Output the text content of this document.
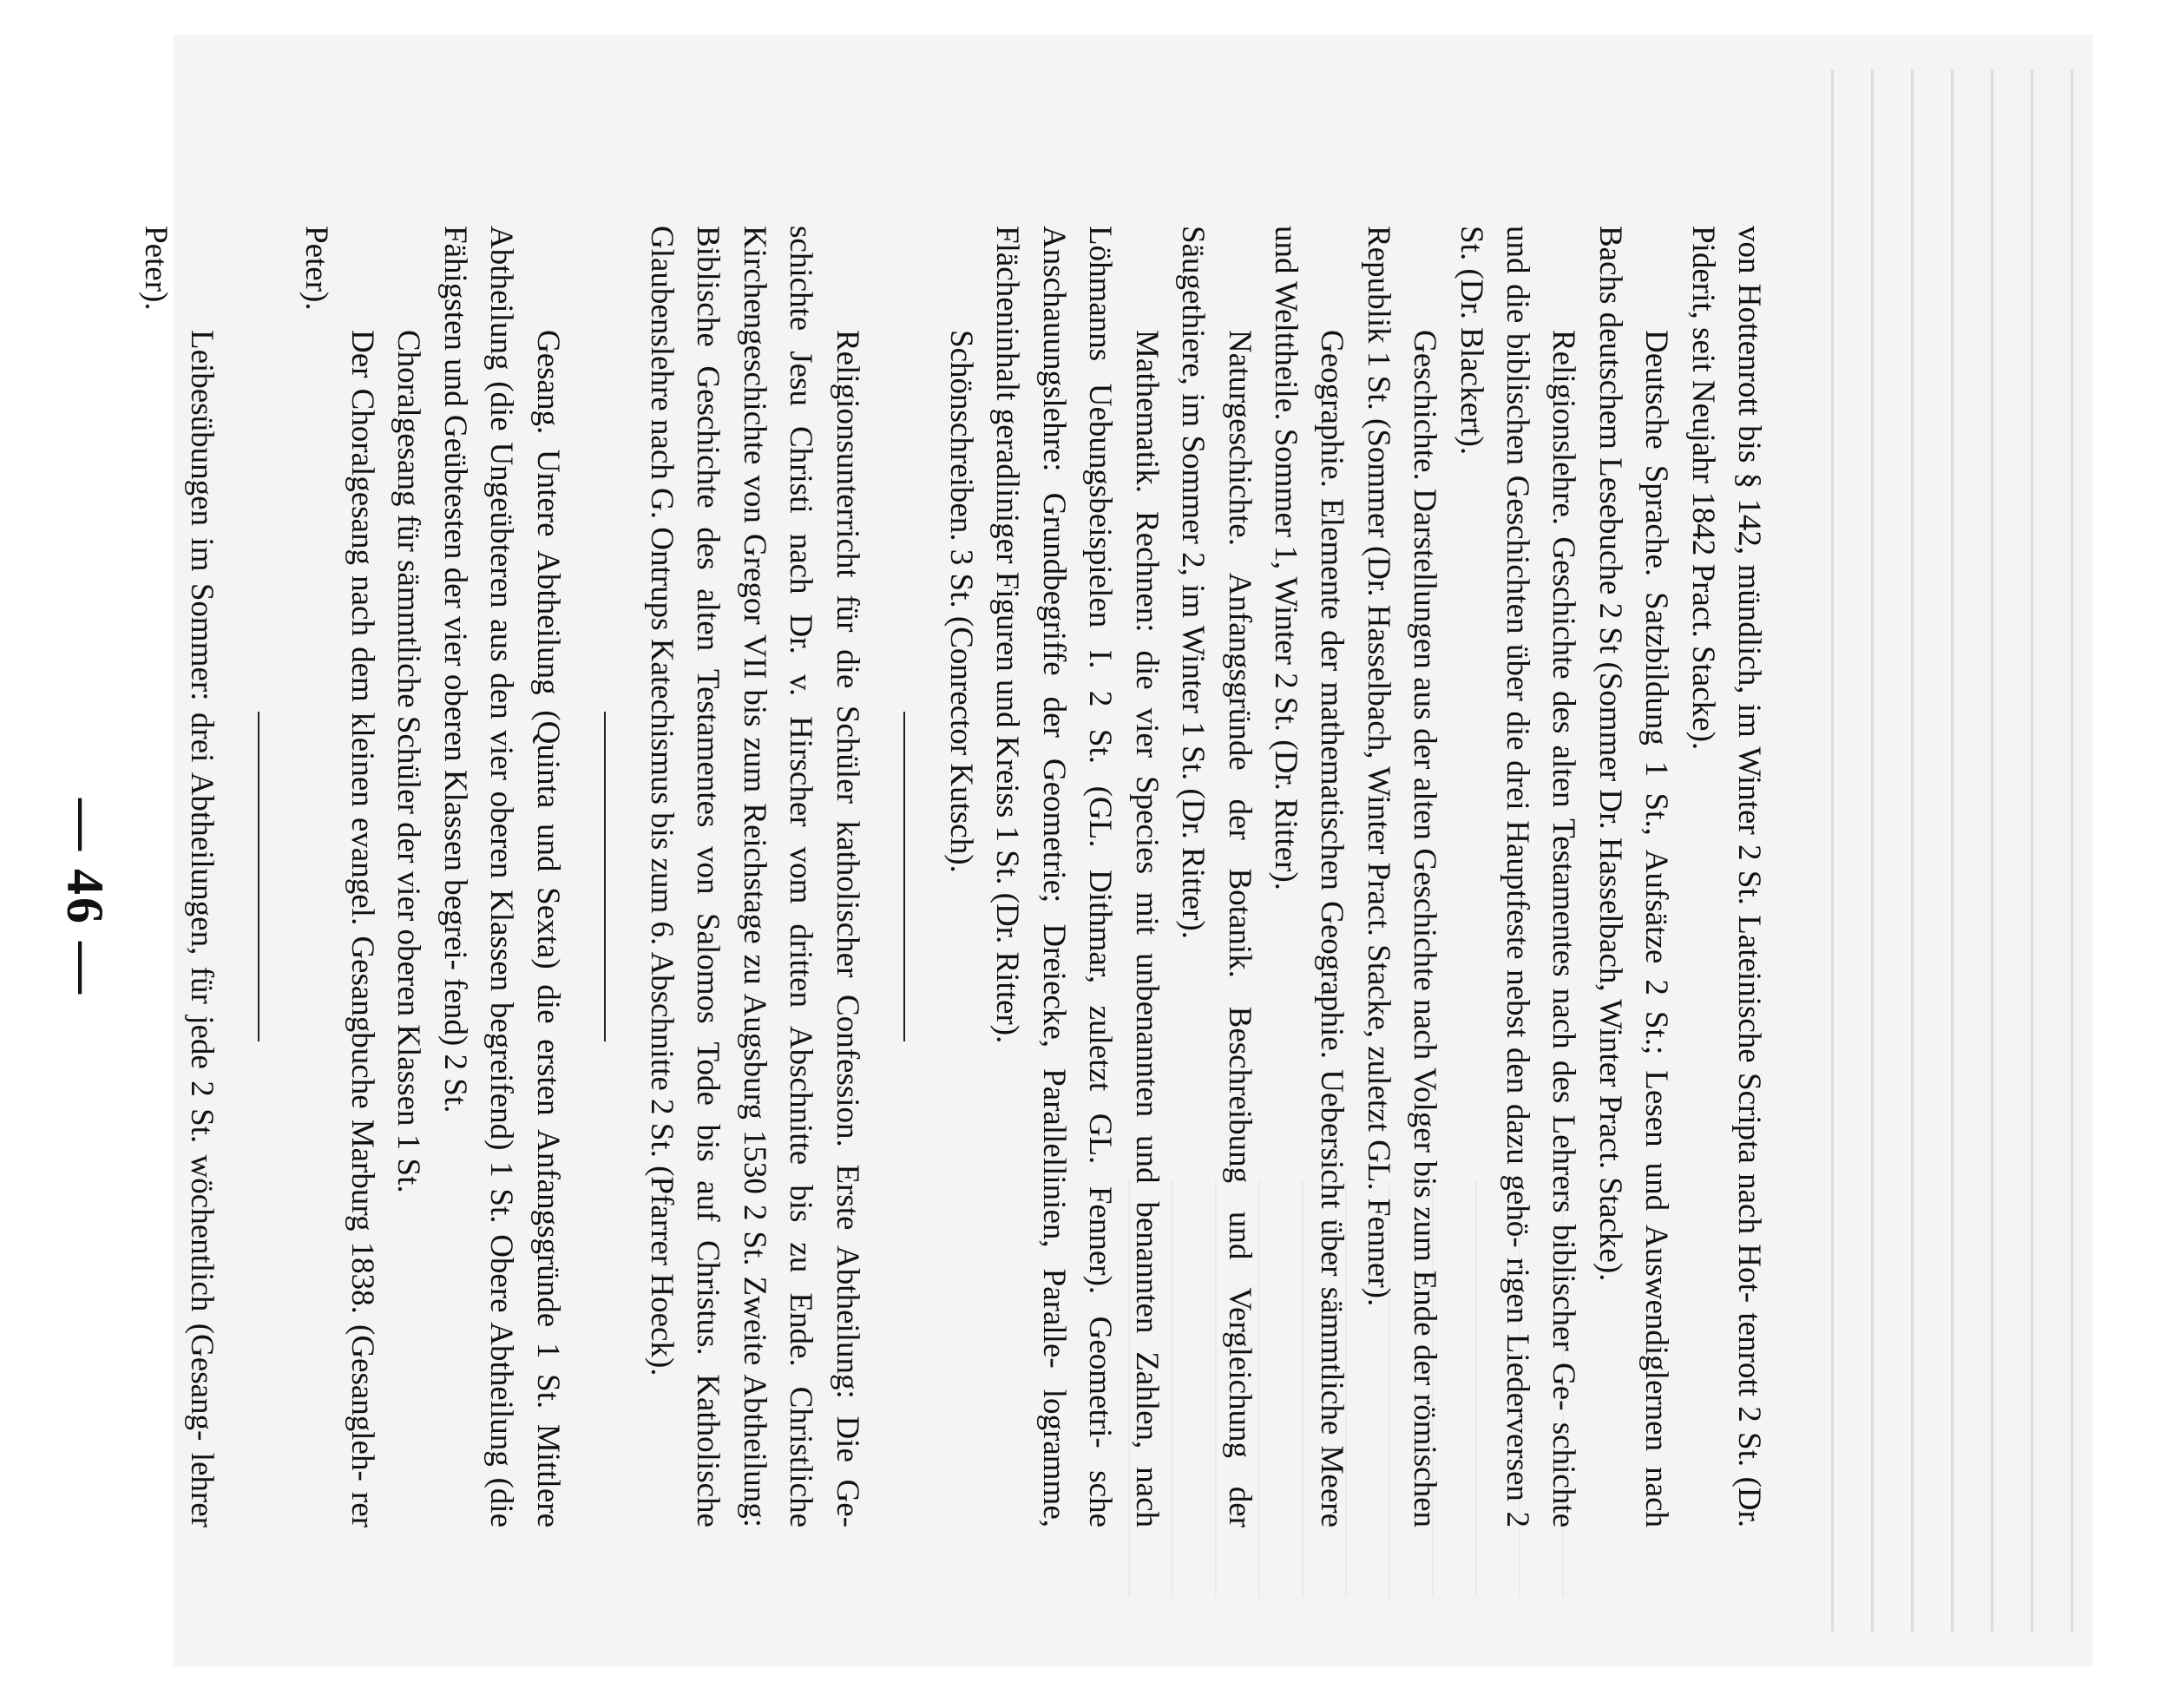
— 46 —	von Hottenrott bis § 142, mündlich, im Winter 2 St. Lateinische Scripta nach Hot- tenrott 2 St. (Dr. Piderit, seit Neujahr 1842 Pract. Stacke).

Deutsche Sprache. Satzbildung 1 St., Aufsätze 2 St.; Lesen und Auswendiglernen nach Bachs deutschem Lesebuche 2 St (Sommer Dr. Hasselbach, Winter Pract. Stacke).

Religionslehre. Geschichte des alten Testamentes nach des Lehrers biblischer Ge- schichte und die biblischen Geschichten über die drei Hauptfeste nebst den dazu gehö- rigen Liederversen 2 St. (Dr. Blackert).

Geschichte. Darstellungen aus der alten Geschichte nach Volger bis zum Ende der römischen Republik 1 St. (Sommer (Dr. Hasselbach, Winter Pract. Stacke, zuletzt GL. Fenner).

Geographie. Elemente der mathematischen Geographie. Uebersicht über sämmtliche Meere und Welttheile. Sommer 1, Winter 2 St. (Dr. Ritter).

Naturgeschichte. Anfangsgründe der Botanik. Beschreibung und Vergleichung der Säugethiere, im Sommer 2, im Winter 1 St. (Dr. Ritter).

Mathematik. Rechnen: die vier Species mit unbenannten und benannten Zahlen, nach Löhmanns Uebungsbeispielen I. 2 St. (GL. Dithmar, zuletzt GL. Fenner). Geometri- sche Anschauungslehre: Grundbegriffe der Geometrie; Dreiecke, Parallellinien, Paralle- logramme, Flächeninhalt geradliniger Figuren und Kreiss 1 St. (Dr. Ritter).

Schönschreiben. 3 St. (Conrector Kutsch).

Religionsunterricht für die Schüler katholischer Confession. Erste Abtheilung: Die Ge- schichte Jesu Christi nach Dr. v. Hirscher vom dritten Abschnitte bis zu Ende. Christliche Kirchengeschichte von Gregor VII bis zum Reichstage zu Augsburg 1530 2 St. Zweite Abtheilung: Biblische Geschichte des alten Testamentes von Salomos Tode bis auf Christus. Katholische Glaubenslehre nach G. Ontrups Katechismus bis zum 6. Abschnitte 2 St. (Pfarrer Hoeck).

Gesang. Untere Abtheilung (Quinta und Sexta) die ersten Anfangsgründe 1 St. Mittlere Abtheilung (die Ungeübteren aus den vier oberen Klassen begreifend) 1 St. Obere Abtheilung (die Fähigsten und Geübtesten der vier oberen Klassen begrei- fend) 2 St.

Choralgesang für sämmtliche Schüler der vier oberen Klassen 1 St.

Der Choralgesang nach dem kleinen evangel. Gesangbuche Marburg 1838. (Gesangleh- rer Peter).

Leibesübungen im Sommer: drei Abtheilungen, für jede 2 St. wöchentlich (Gesang- lehrer Peter).
